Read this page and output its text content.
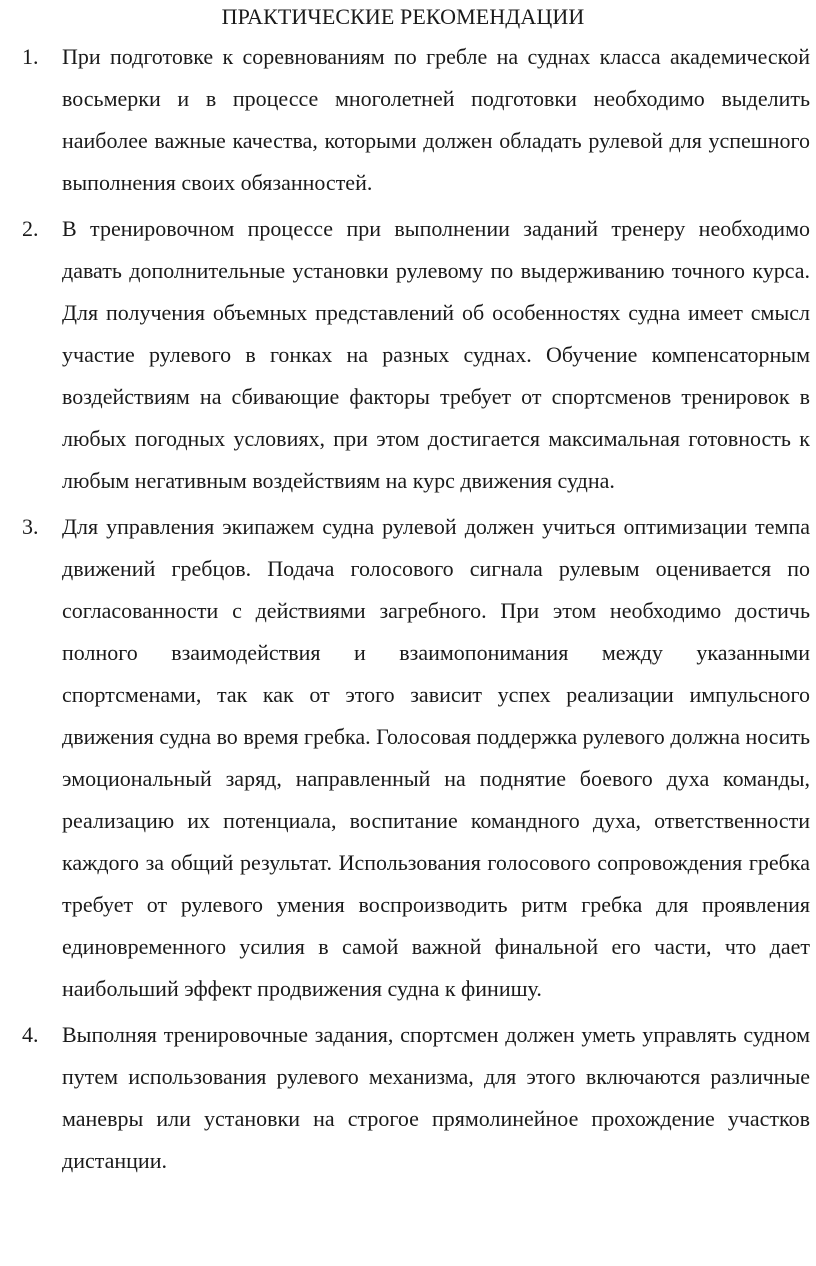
ПРАКТИЧЕСКИЕ РЕКОМЕНДАЦИИ
1.	При подготовке к соревнованиям по гребле на суднах класса академической восьмерки и в процессе многолетней подготовки необходимо выделить наиболее важные качества, которыми должен обладать рулевой для успешного выполнения своих обязанностей.
2.	В тренировочном процессе при выполнении заданий тренеру необходимо давать дополнительные установки рулевому по выдерживанию точного курса. Для получения объемных представлений об особенностях судна имеет смысл участие рулевого в гонках на разных суднах. Обучение компенсаторным воздействиям на сбивающие факторы требует от спортсменов тренировок в любых погодных условиях, при этом достигается максимальная готовность к любым негативным воздействиям на курс движения судна.
3.	Для управления экипажем судна рулевой должен учиться оптимизации темпа движений гребцов. Подача голосового сигнала рулевым оценивается по согласованности с действиями загребного. При этом необходимо достичь полного взаимодействия и взаимопонимания между указанными спортсменами, так как от этого зависит успех реализации импульсного движения судна во время гребка. Голосовая поддержка рулевого должна носить эмоциональный заряд, направленный на поднятие боевого духа команды, реализацию их потенциала, воспитание командного духа, ответственности каждого за общий результат. Использования голосового сопровождения гребка требует от рулевого умения воспроизводить ритм гребка для проявления единовременного усилия в самой важной финальной его части, что дает наибольший эффект продвижения судна к финишу.
4.	Выполняя тренировочные задания, спортсмен должен уметь управлять судном путем использования рулевого механизма, для этого включаются различные маневры или установки на строгое прямолинейное прохождение участков дистанции.
